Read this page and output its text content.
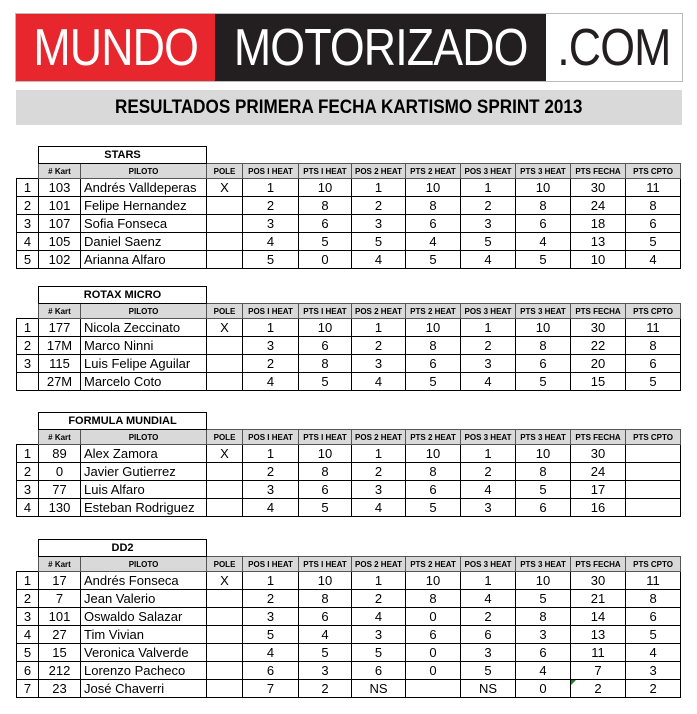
MUNDO MOTORIZADO .COM
RESULTADOS PRIMERA FECHA KARTISMO SPRINT 2013
	STARS										
	# Kart	PILOTO	POLE	POS I HEAT	PTS I HEAT	POS 2 HEAT	PTS 2 HEAT	POS 3 HEAT	PTS 3 HEAT	PTS FECHA	PTS CPTO
1	103	Andrés Valldeperas	X	1	10	1	10	1	10	30	11
2	101	Felipe Hernandez		2	8	2	8	2	8	24	8
3	107	Sofia Fonseca		3	6	3	6	3	6	18	6
4	105	Daniel Saenz		4	5	5	4	5	4	13	5
5	102	Arianna Alfaro		5	0	4	5	4	5	10	4
	ROTAX MICRO										
	# Kart	PILOTO	POLE	POS I HEAT	PTS I HEAT	POS 2 HEAT	PTS 2 HEAT	POS 3 HEAT	PTS 3 HEAT	PTS FECHA	PTS CPTO
1	177	Nicola Zeccinato	X	1	10	1	10	1	10	30	11
2	17M	Marco Ninni		3	6	2	8	2	8	22	8
3	115	Luis Felipe Aguilar		2	8	3	6	3	6	20	6
	27M	Marcelo Coto		4	5	4	5	4	5	15	5
	FORMULA MUNDIAL										
	# Kart	PILOTO	POLE	POS I HEAT	PTS I HEAT	POS 2 HEAT	PTS 2 HEAT	POS 3 HEAT	PTS 3 HEAT	PTS FECHA	PTS CPTO
1	89	Alex Zamora	X	1	10	1	10	1	10	30	
2	0	Javier Gutierrez		2	8	2	8	2	8	24	
3	77	Luis Alfaro		3	6	3	6	4	5	17	
4	130	Esteban Rodriguez		4	5	4	5	3	6	16	
	DD2										
	# Kart	PILOTO	POLE	POS I HEAT	PTS I HEAT	POS 2 HEAT	PTS 2 HEAT	POS 3 HEAT	PTS 3 HEAT	PTS FECHA	PTS CPTO
1	17	Andrés Fonseca	X	1	10	1	10	1	10	30	11
2	7	Jean Valerio		2	8	2	8	4	5	21	8
3	101	Oswaldo Salazar		3	6	4	0	2	8	14	6
4	27	Tim Vivian		5	4	3	6	6	3	13	5
5	15	Veronica Valverde		4	5	5	0	3	6	11	4
6	212	Lorenzo Pacheco		6	3	6	0	5	4	7	3
7	23	José Chaverri		7	2	NS		NS	0	2	2
